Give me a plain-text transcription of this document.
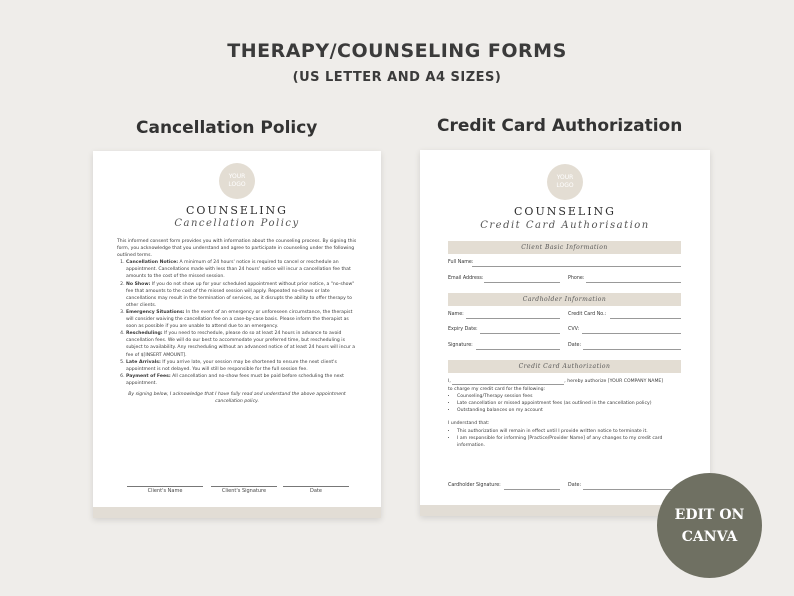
THERAPY/COUNSELING FORMS
(US LETTER AND A4 SIZES)
Cancellation Policy	Credit Card Authorization
YOUR
LOGO
COUNSELING
Cancellation Policy
This informed consent form provides you with information about the counseling process. By signing this form, you acknowledge that you understand and agree to participate in counseling under the following outlined terms.
1. Cancellation Notice: A minimum of 24 hours' notice is required to cancel or reschedule an appointment. Cancellations made with less than 24 hours' notice will incur a cancellation fee that amounts to the cost of the missed session.
2. No Show: If you do not show up for your scheduled appointment without prior notice, a "no-show" fee that amounts to the cost of the missed session will apply. Repeated no-shows or late cancellations may result in the termination of services, as it disrupts the ability to offer therapy to other clients.
3. Emergency Situations: In the event of an emergency or unforeseen circumstance, the therapist will consider waiving the cancellation fee on a case-by-case basis. Please inform the therapist as soon as possible if you are unable to attend due to an emergency.
4. Rescheduling: If you need to reschedule, please do so at least 24 hours in advance to avoid cancellation fees. We will do our best to accommodate your preferred time, but rescheduling is subject to availability. Any rescheduling without an advanced notice of at least 24 hours will incur a fee of $[INSERT AMOUNT].
5. Late Arrivals: If you arrive late, your session may be shortened to ensure the next client's appointment is not delayed. You will still be responsible for the full session fee.
6. Payment of Fees: All cancellation and no-show fees must be paid before scheduling the next appointment.
By signing below, I acknowledge that I have fully read and understand the above appointment cancellation policy.
Client's Name	Client's Signature	Date
YOUR
LOGO
COUNSELING
Credit Card Authorisation
Client Basic Information
Full Name:
Email Address:	Phone:
Cardholder Information
Name:	Credit Card No.:
Expiry Date:	CVV:
Signature:	Date:
Credit Card Authorization
I,	, hereby authorize [YOUR COMPANY NAME]
to charge my credit card for the following:
• Counseling/Therapy session fees
• Late cancellation or missed appointment fees (as outlined in the cancellation policy)
• Outstanding balances on my account
I understand that:
• This authorization will remain in effect until I provide written notice to terminate it.
• I am responsible for informing [Practice/Provider Name] of any changes to my credit card information.
Cardholder Signature:	Date:
EDIT ON
CANVA
